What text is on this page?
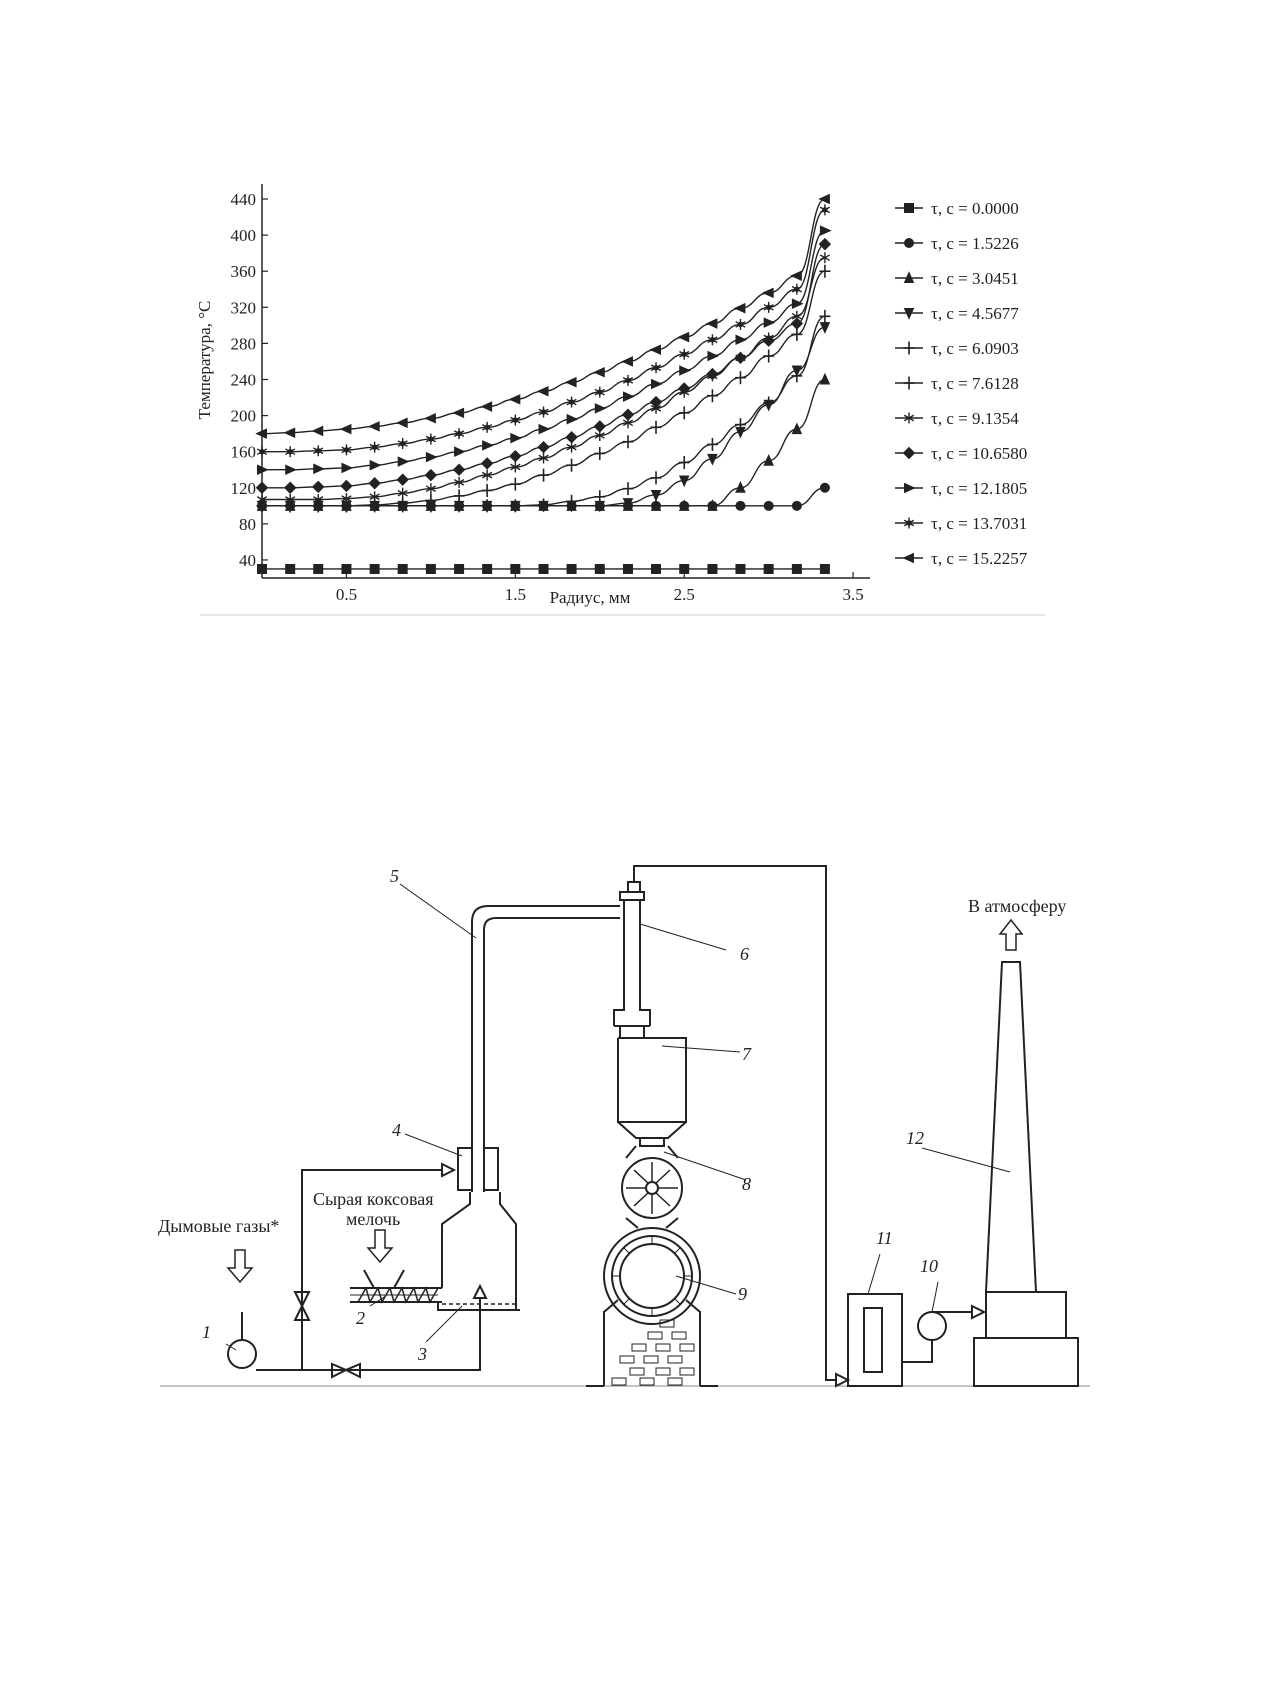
40
80
120
160
200
240
280
320
360
400
440
0.5	1.5	2.5	3.5
τ, с = 0.0000
τ, с = 1.5226
τ, с = 3.0451
τ, с = 4.5677
τ, с = 6.0903
τ, с = 7.6128
τ, с = 9.1354
τ, с = 10.6580
τ, с = 12.1805
τ, с = 13.7031
τ, с = 15.2257
Радиус, мм
Температура, °С
Дымовые газы*
Сырая коксовая
мелочь
В атмосферу
1
2
3
4
5
6
7
8
9
10
11
12
